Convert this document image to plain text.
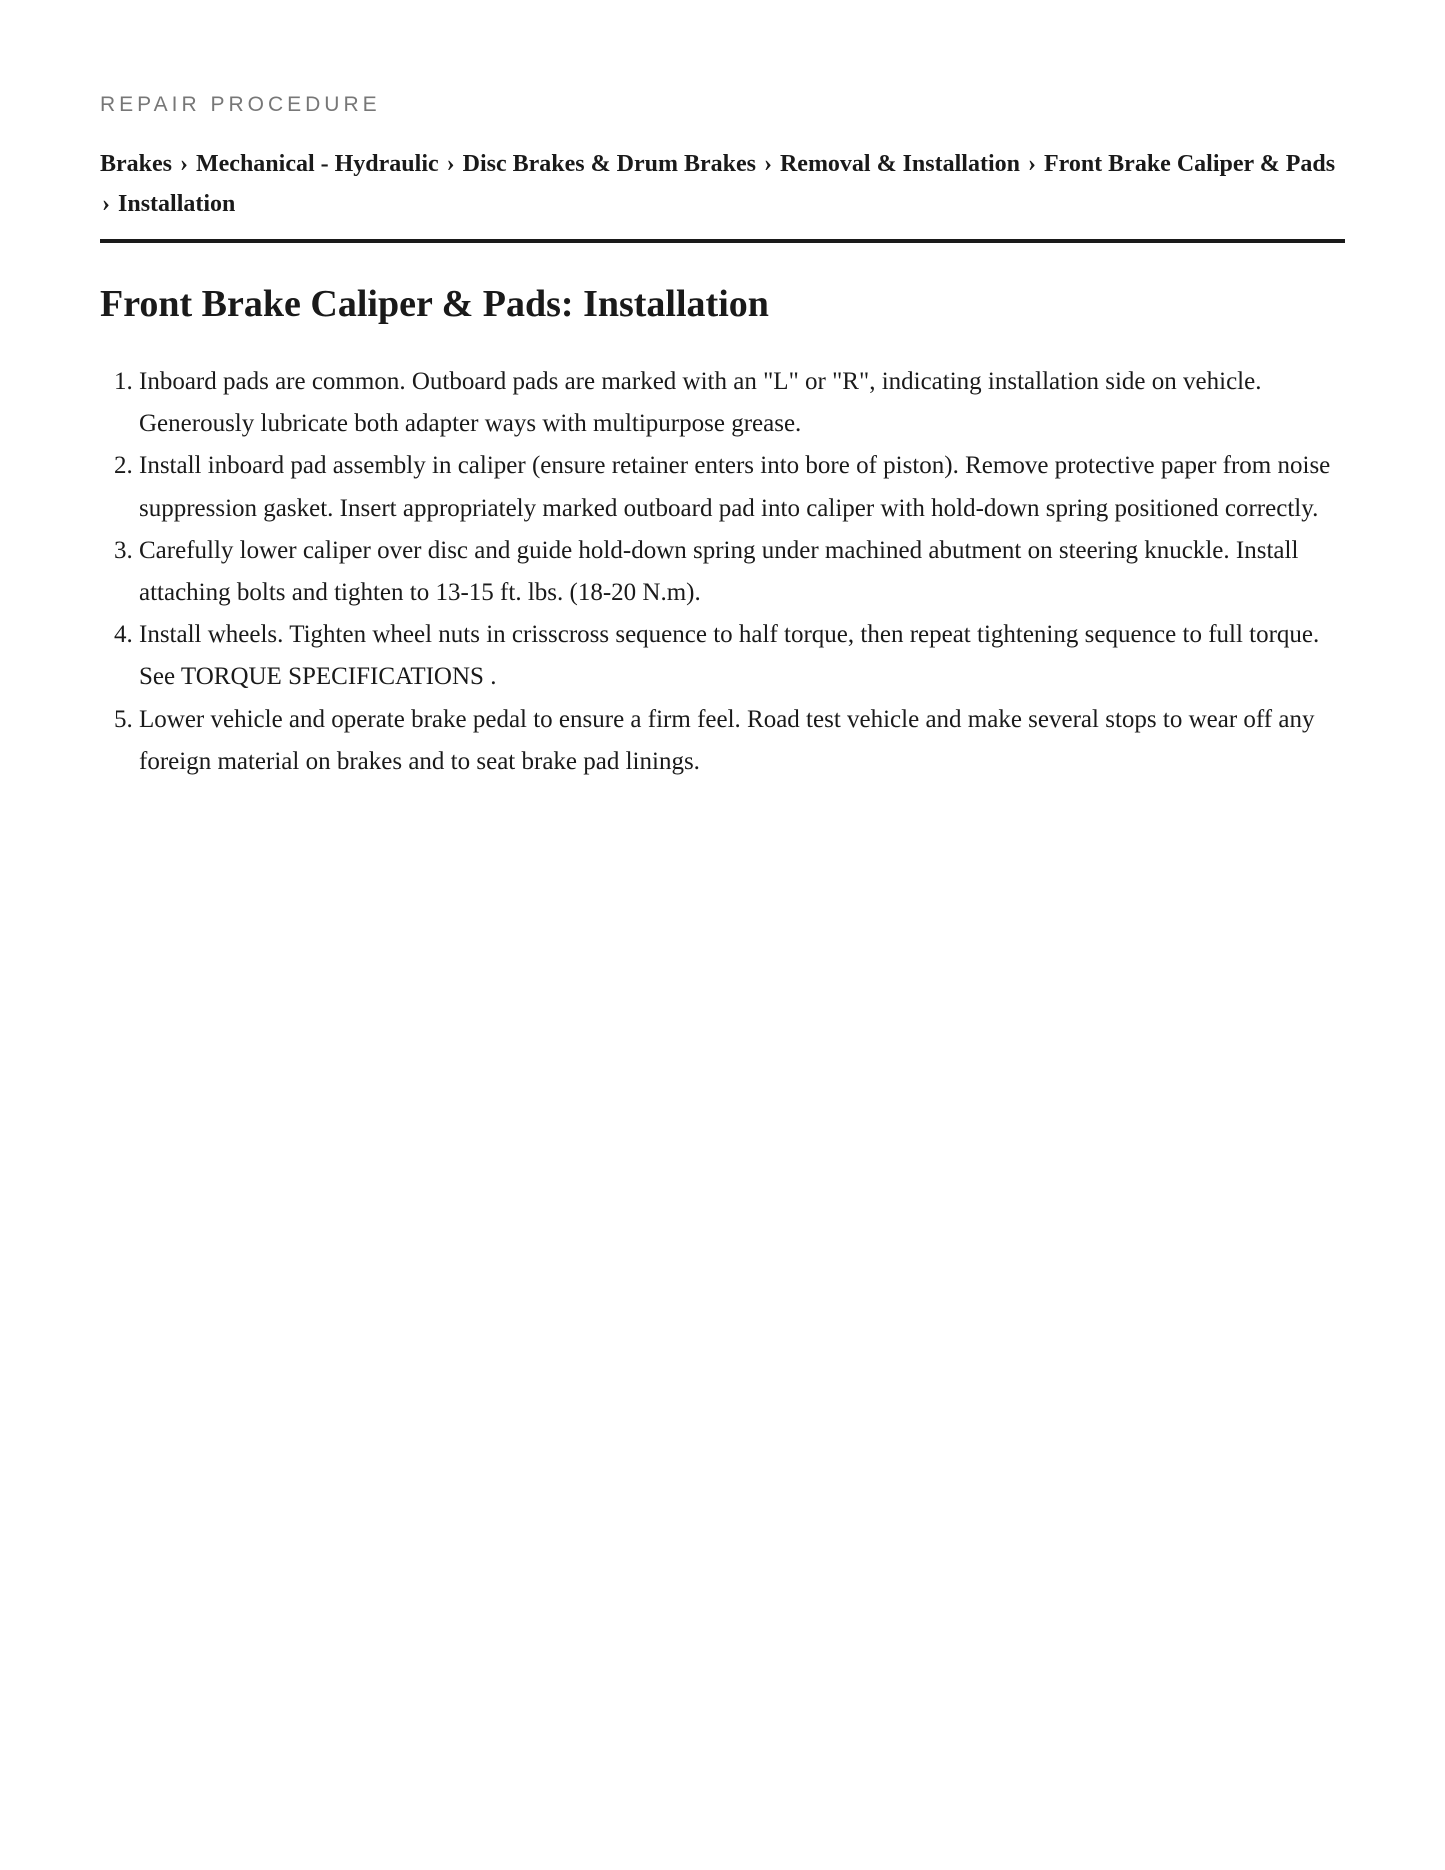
REPAIR PROCEDURE
Brakes › Mechanical - Hydraulic › Disc Brakes & Drum Brakes › Removal & Installation › Front Brake Caliper & Pads › Installation
Front Brake Caliper & Pads: Installation
1. Inboard pads are common. Outboard pads are marked with an "L" or "R", indicating installation side on vehicle. Generously lubricate both adapter ways with multipurpose grease.
2. Install inboard pad assembly in caliper (ensure retainer enters into bore of piston). Remove protective paper from noise suppression gasket. Insert appropriately marked outboard pad into caliper with hold-down spring positioned correctly.
3. Carefully lower caliper over disc and guide hold-down spring under machined abutment on steering knuckle. Install attaching bolts and tighten to 13-15 ft. lbs. (18-20 N.m).
4. Install wheels. Tighten wheel nuts in crisscross sequence to half torque, then repeat tightening sequence to full torque. See TORQUE SPECIFICATIONS .
5. Lower vehicle and operate brake pedal to ensure a firm feel. Road test vehicle and make several stops to wear off any foreign material on brakes and to seat brake pad linings.
